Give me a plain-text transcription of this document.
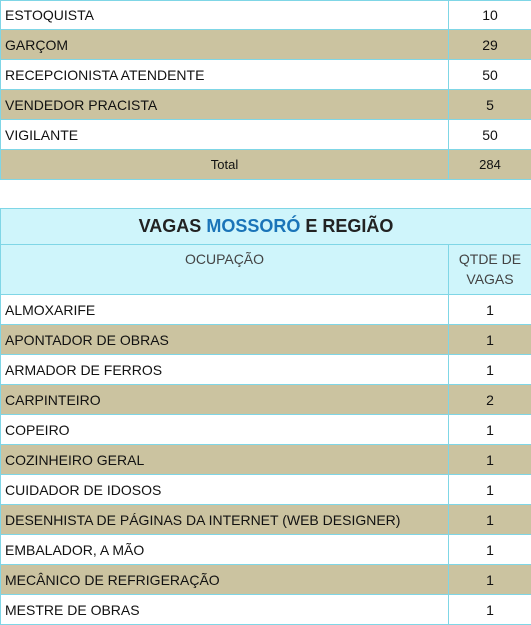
ESTOQUISTA	10
GARÇOM	29
RECEPCIONISTA ATENDENTE	50
VENDEDOR PRACISTA	5
VIGILANTE	50
Total	284
VAGAS MOSSORÓ E REGIÃO	
OCUPAÇÃO	QTDE DE VAGAS
ALMOXARIFE	1
APONTADOR DE OBRAS	1
ARMADOR DE FERROS	1
CARPINTEIRO	2
COPEIRO	1
COZINHEIRO GERAL	1
CUIDADOR DE IDOSOS	1
DESENHISTA DE PÁGINAS DA INTERNET (WEB DESIGNER)	1
EMBALADOR, A MÃO	1
MECÂNICO DE REFRIGERAÇÃO	1
MESTRE DE OBRAS	1
